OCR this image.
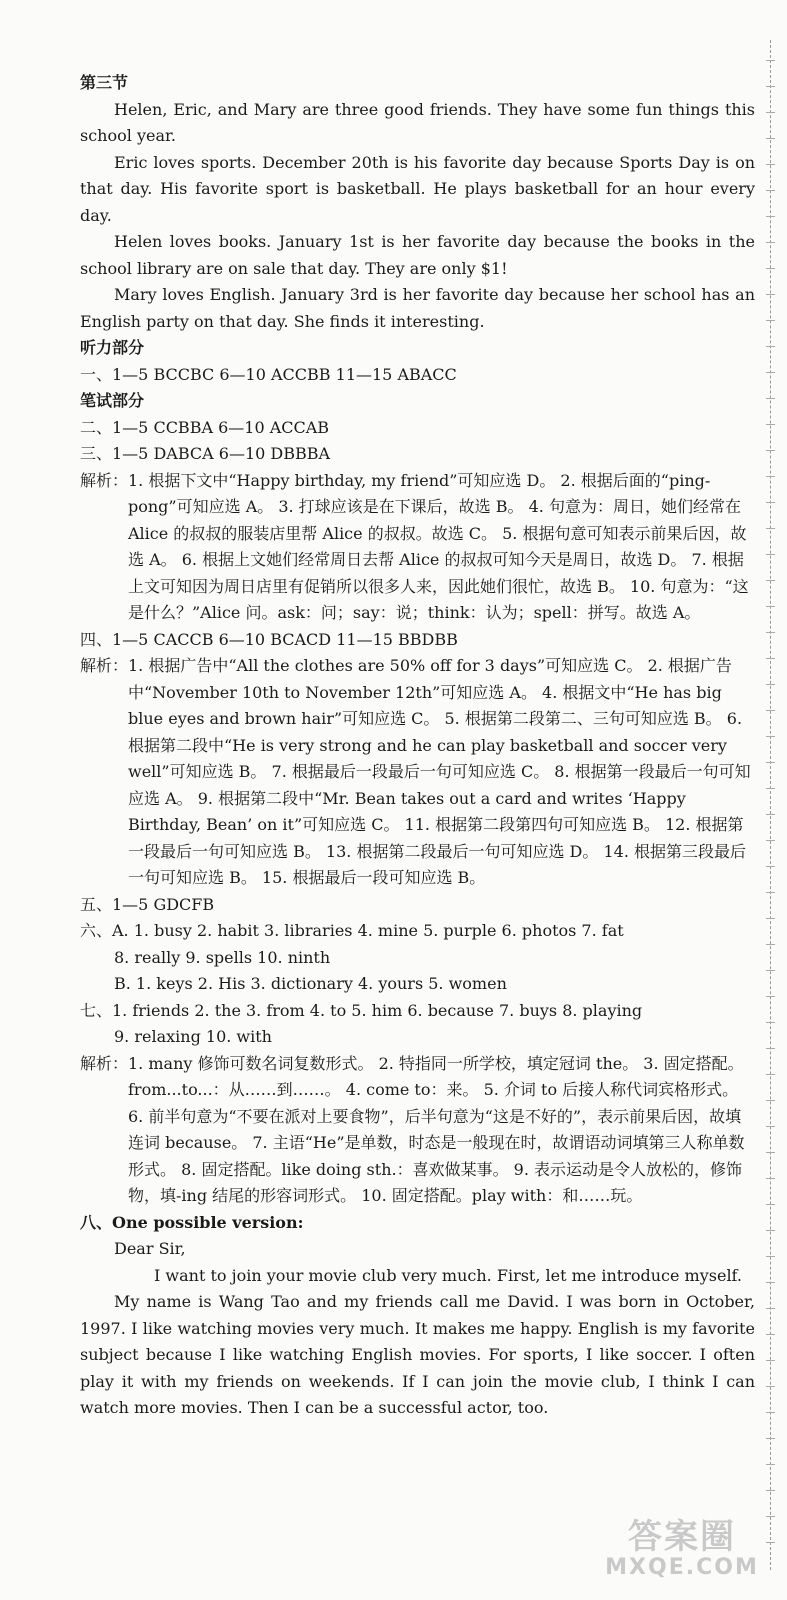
第三节
Helen, Eric, and Mary are three good friends. They have some fun things this school year.
Eric loves sports. December 20th is his favorite day because Sports Day is on that day. His favorite sport is basketball. He plays basketball for an hour every day.
Helen loves books. January 1st is her favorite day because the books in the school library are on sale that day. They are only $1!
Mary loves English. January 3rd is her favorite day because her school has an English party on that day. She finds it interesting.
听力部分
一、1—5 BCCBC 6—10 ACCBB 11—15 ABACC
笔试部分
二、1—5 CCBBA 6—10 ACCAB
三、1—5 DABCA 6—10 DBBBA
解析：1. 根据下文中“Happy birthday, my friend”可知应选 D。 2. 根据后面的“ping-pong”可知应选 A。 3. 打球应该是在下课后，故选 B。 4. 句意为：周日，她们经常在 Alice 的叔叔的服装店里帮 Alice 的叔叔。故选 C。 5. 根据句意可知表示前果后因，故选 A。 6. 根据上文她们经常周日去帮 Alice 的叔叔可知今天是周日，故选 D。 7. 根据上文可知因为周日店里有促销所以很多人来，因此她们很忙，故选 B。 10. 句意为：“这是什么？”Alice 问。ask：问；say：说；think：认为；spell：拼写。故选 A。
四、1—5 CACCB 6—10 BCACD 11—15 BBDBB
解析：1. 根据广告中“All the clothes are 50% off for 3 days”可知应选 C。 2. 根据广告中“November 10th to November 12th”可知应选 A。 4. 根据文中“He has big blue eyes and brown hair”可知应选 C。 5. 根据第二段第二、三句可知应选 B。 6. 根据第二段中“He is very strong and he can play basketball and soccer very well”可知应选 B。 7. 根据最后一段最后一句可知应选 C。 8. 根据第一段最后一句可知应选 A。 9. 根据第二段中“Mr. Bean takes out a card and writes ‘Happy Birthday, Bean’ on it”可知应选 C。 11. 根据第二段第四句可知应选 B。 12. 根据第一段最后一句可知应选 B。 13. 根据第二段最后一句可知应选 D。 14. 根据第三段最后一句可知应选 B。 15. 根据最后一段可知应选 B。
五、1—5 GDCFB
六、A. 1. busy 2. habit 3. libraries 4. mine 5. purple 6. photos 7. fat
8. really 9. spells 10. ninth
B. 1. keys 2. His 3. dictionary 4. yours 5. women
七、1. friends 2. the 3. from 4. to 5. him 6. because 7. buys 8. playing
9. relaxing 10. with
解析：1. many 修饰可数名词复数形式。 2. 特指同一所学校，填定冠词 the。 3. 固定搭配。from...to...：从……到……。 4. come to：来。 5. 介词 to 后接人称代词宾格形式。 6. 前半句意为“不要在派对上要食物”，后半句意为“这是不好的”，表示前果后因，故填连词 because。 7. 主语“He”是单数，时态是一般现在时，故谓语动词填第三人称单数形式。 8. 固定搭配。like doing sth.：喜欢做某事。 9. 表示运动是令人放松的，修饰物，填-ing 结尾的形容词形式。 10. 固定搭配。play with：和……玩。
八、One possible version:
Dear Sir,
I want to join your movie club very much. First, let me introduce myself.
My name is Wang Tao and my friends call me David. I was born in October, 1997. I like watching movies very much. It makes me happy. English is my favorite subject because I like watching English movies. For sports, I like soccer. I often play it with my friends on weekends. If I can join the movie club, I think I can watch more movies. Then I can be a successful actor, too.
答案圈
MXQE.COM
